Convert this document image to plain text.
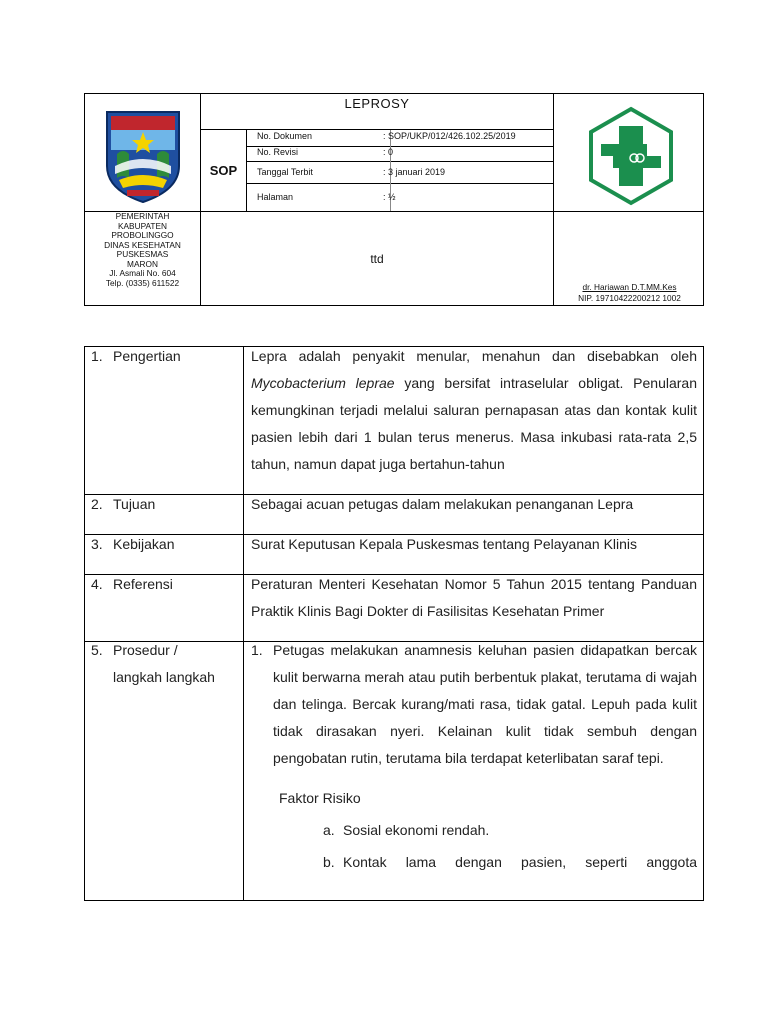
LEPROSY
SOP
No. Dokumen	: SOP/UKP/012/426.102.25/2019
No. Revisi	: 0
Tanggal Terbit	: 3 januari 2019
Halaman	: ½
PEMERINTAH
KABUPATEN
PROBOLINGGO
DINAS KESEHATAN
PUSKESMAS
MARON
Jl. Asmali No. 604
Telp. (0335) 611522
ttd
dr. Hariawan D.T.MM.Kes
NIP. 19710422200212 1002
1. Pengertian	Lepra adalah penyakit menular, menahun dan disebabkan oleh
Mycobacterium leprae yang bersifat intraselular obligat. Penularan kemungkinan terjadi melalui saluran pernapasan atas dan kontak kulit pasien lebih dari 1 bulan terus menerus. Masa inkubasi rata-rata 2,5 tahun, namun dapat juga bertahun-tahun
2. Tujuan	Sebagai acuan petugas dalam melakukan penanganan Lepra
3. Kebijakan	Surat Keputusan Kepala Puskesmas tentang Pelayanan Klinis
4. Referensi	Peraturan Menteri Kesehatan Nomor 5 Tahun 2015 tentang Panduan Praktik Klinis Bagi Dokter di Fasilisitas Kesehatan Primer
5. Prosedur /
langkah langkah
1. Petugas melakukan anamnesis keluhan pasien didapatkan bercak kulit berwarna merah atau putih berbentuk plakat, terutama di wajah dan telinga. Bercak kurang/mati rasa, tidak gatal. Lepuh pada kulit tidak dirasakan nyeri. Kelainan kulit tidak sembuh dengan pengobatan rutin, terutama bila terdapat keterlibatan saraf tepi.
Faktor Risiko
a. Sosial ekonomi rendah.
b. Kontak lama dengan pasien, seperti anggota
